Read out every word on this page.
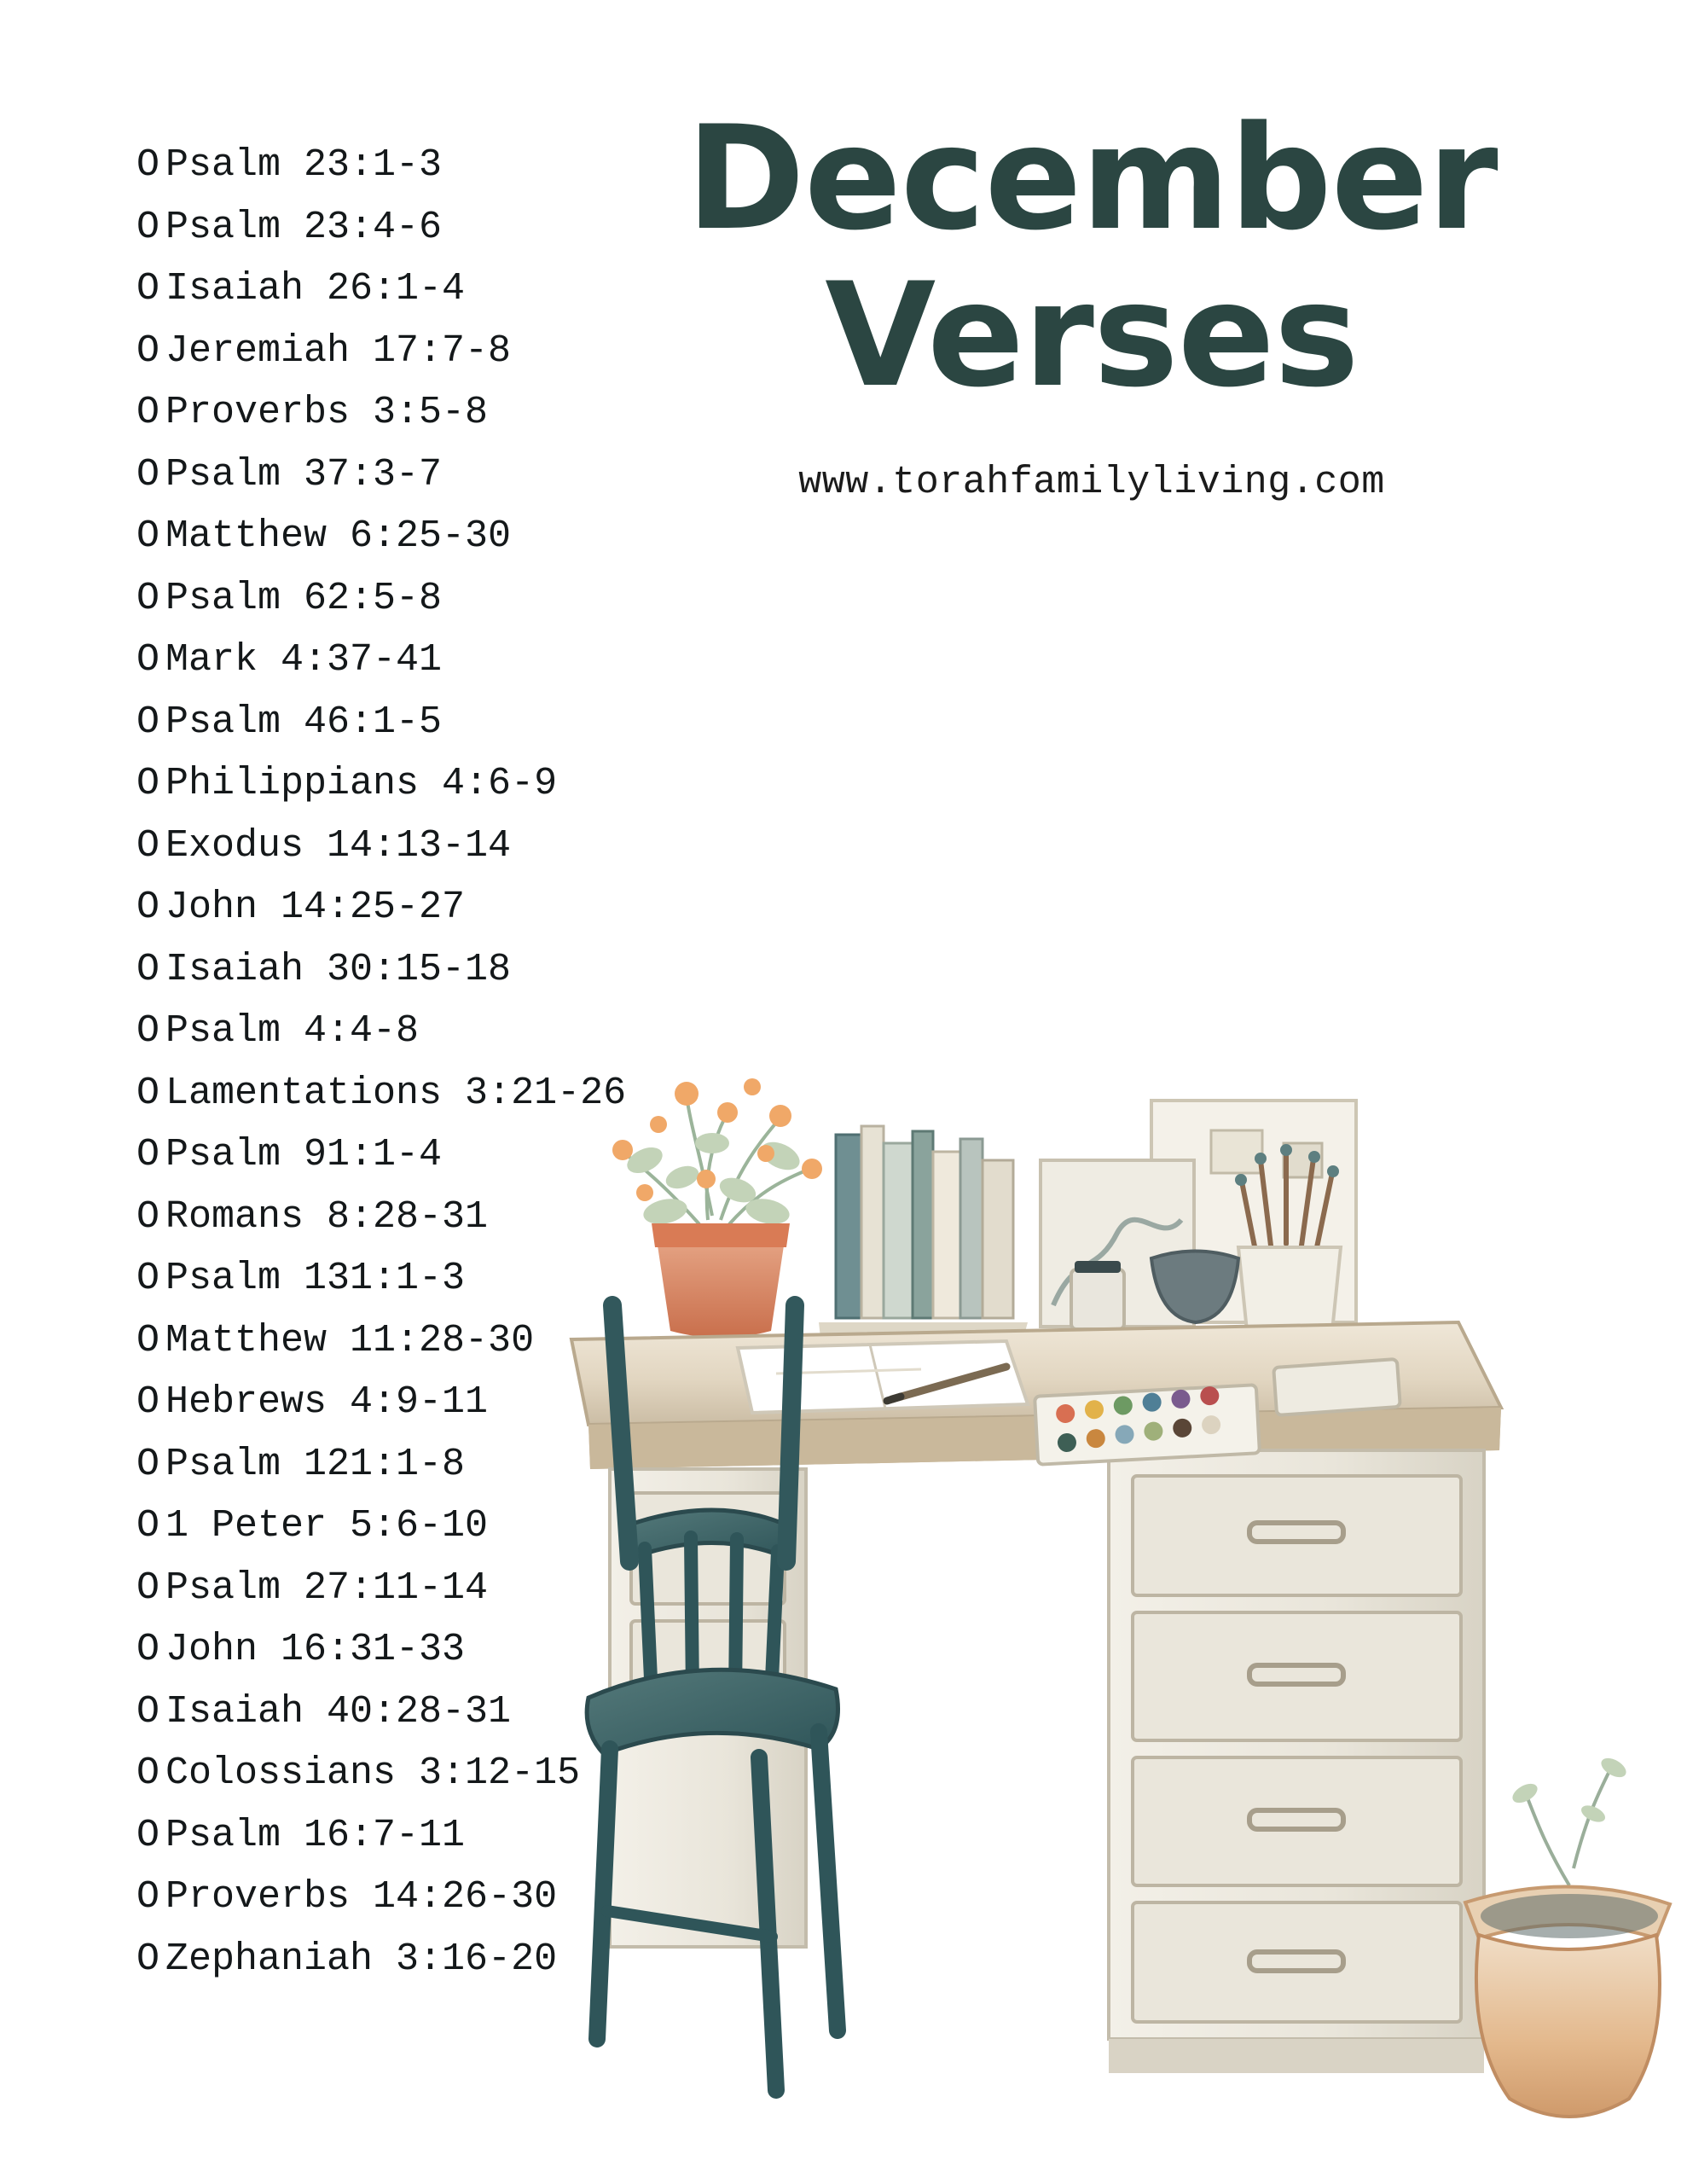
December
Verses
www.torahfamilyliving.com
O Psalm 23:1-3
O Psalm 23:4-6
O Isaiah 26:1-4
O Jeremiah 17:7-8
O Proverbs 3:5-8
O Psalm 37:3-7
O Matthew 6:25-30
O Psalm 62:5-8
O Mark 4:37-41
O Psalm 46:1-5
O Philippians 4:6-9
O Exodus 14:13-14
O John 14:25-27
O Isaiah 30:15-18
O Psalm 4:4-8
O Lamentations 3:21-26
O Psalm 91:1-4
O Romans 8:28-31
O Psalm 131:1-3
O Matthew 11:28-30
O Hebrews 4:9-11
O Psalm 121:1-8
O 1 Peter 5:6-10
O Psalm 27:11-14
O John 16:31-33
O Isaiah 40:28-31
O Colossians 3:12-15
O Psalm 16:7-11
O Proverbs 14:26-30
O Zephaniah 3:16-20
